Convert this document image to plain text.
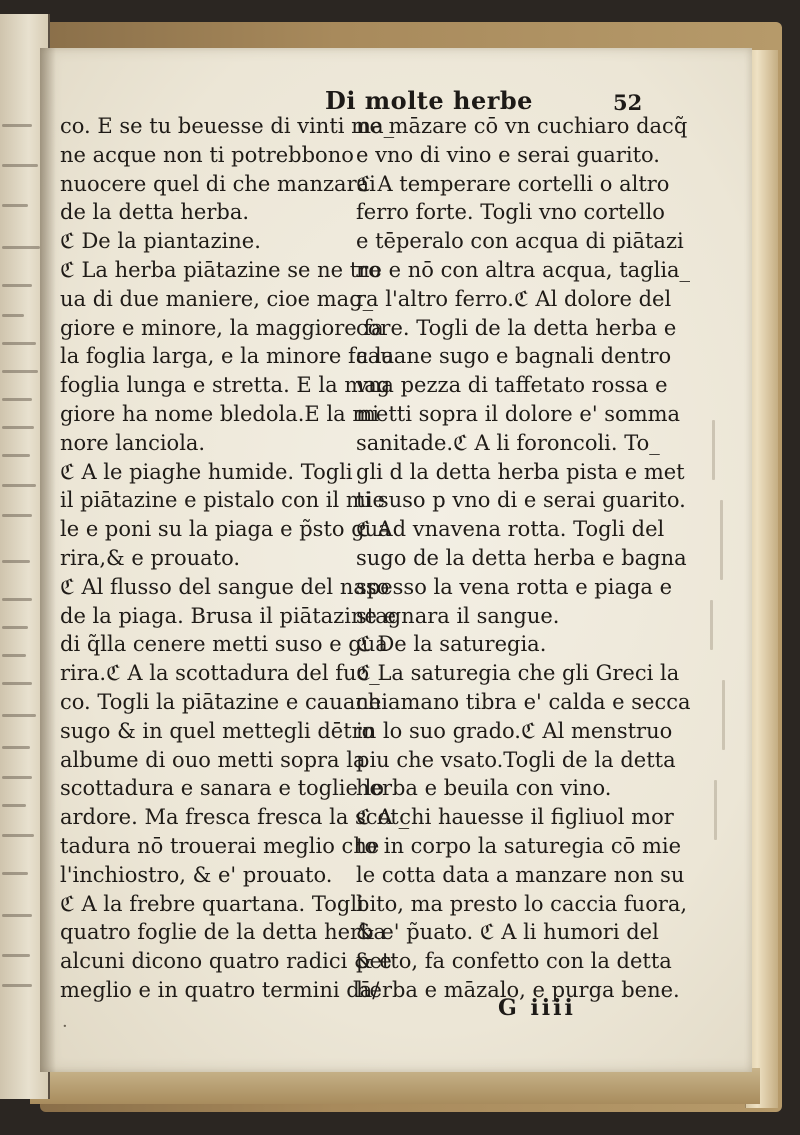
Di molte herbe	52
co. E se tu beuesse di vinti ma_
ne acque non ti potrebbono
nuocere quel di che manzarai
de la detta herba.
ℭ De la piantazine.
ℭ La herba piātazine se ne tro
ua di due maniere, cioe mag_
giore e minore, la maggiore fa
la foglia larga, e la minore fa la
foglia lunga e stretta. E la mag
giore ha nome bledola.E la mi
nore lanciola.
ℭ A le piaghe humide. Togli
il piātazine e pistalo con il mie
le e poni su la piaga e p̃sto gua
rira,& e prouato.
ℭ Al flusso del sangue del naso
de la piaga. Brusa il piātazine e
di q̃lla cenere metti suso e gua
rira.ℭ A la scottadura del fuo_
co. Togli la piātazine e cauane
sugo & in quel mettegli dētro
albume di ouo metti sopra la
scottadura e sanara e toglie lo
ardore. Ma fresca fresca la scot_
tadura nō trouerai meglio che
l'inchiostro, & e' prouato.
ℭ A la frebre quartana. Togli
quatro foglie de la detta herba
alcuni dicono quatro radici & e
meglio e in quatro termini dā/
ne māzare cō vn cuchiaro dacq̃
e vno di vino e serai guarito.
ℭ A temperare cortelli o altro
ferro forte. Togli vno cortello
e tēperalo con acqua di piātazi
ne e nō con altra acqua, taglia_
ra l'altro ferro.ℭ Al dolore del
core. Togli de la detta herba e
cauane sugo e bagnali dentro
vna pezza di taffetato rossa e
metti sopra il dolore e' somma
sanitade.ℭ A li foroncoli. To_
gli d la detta herba pista e met
ti suso p vno di e serai guarito.
ℭ Ad vnavena rotta. Togli del
sugo de la detta herba e bagna
spesso la vena rotta e piaga e
stagnara il sangue.
ℭ De la saturegia.
ℭ La saturegia che gli Greci la
chiamano tibra e' calda e secca
in lo suo grado.ℭ Al menstruo
piu che vsato.Togli de la detta
herba e beuila con vino.
ℭ A chi hauesse il figliuol mor
to in corpo la saturegia cō mie
le cotta data a manzare non su
bito, ma presto lo caccia fuora,
& e' p̃uato. ℭ A li humori del
petto, fa confetto con la detta
herba e māzalo, e purga bene.
G iiii
·
